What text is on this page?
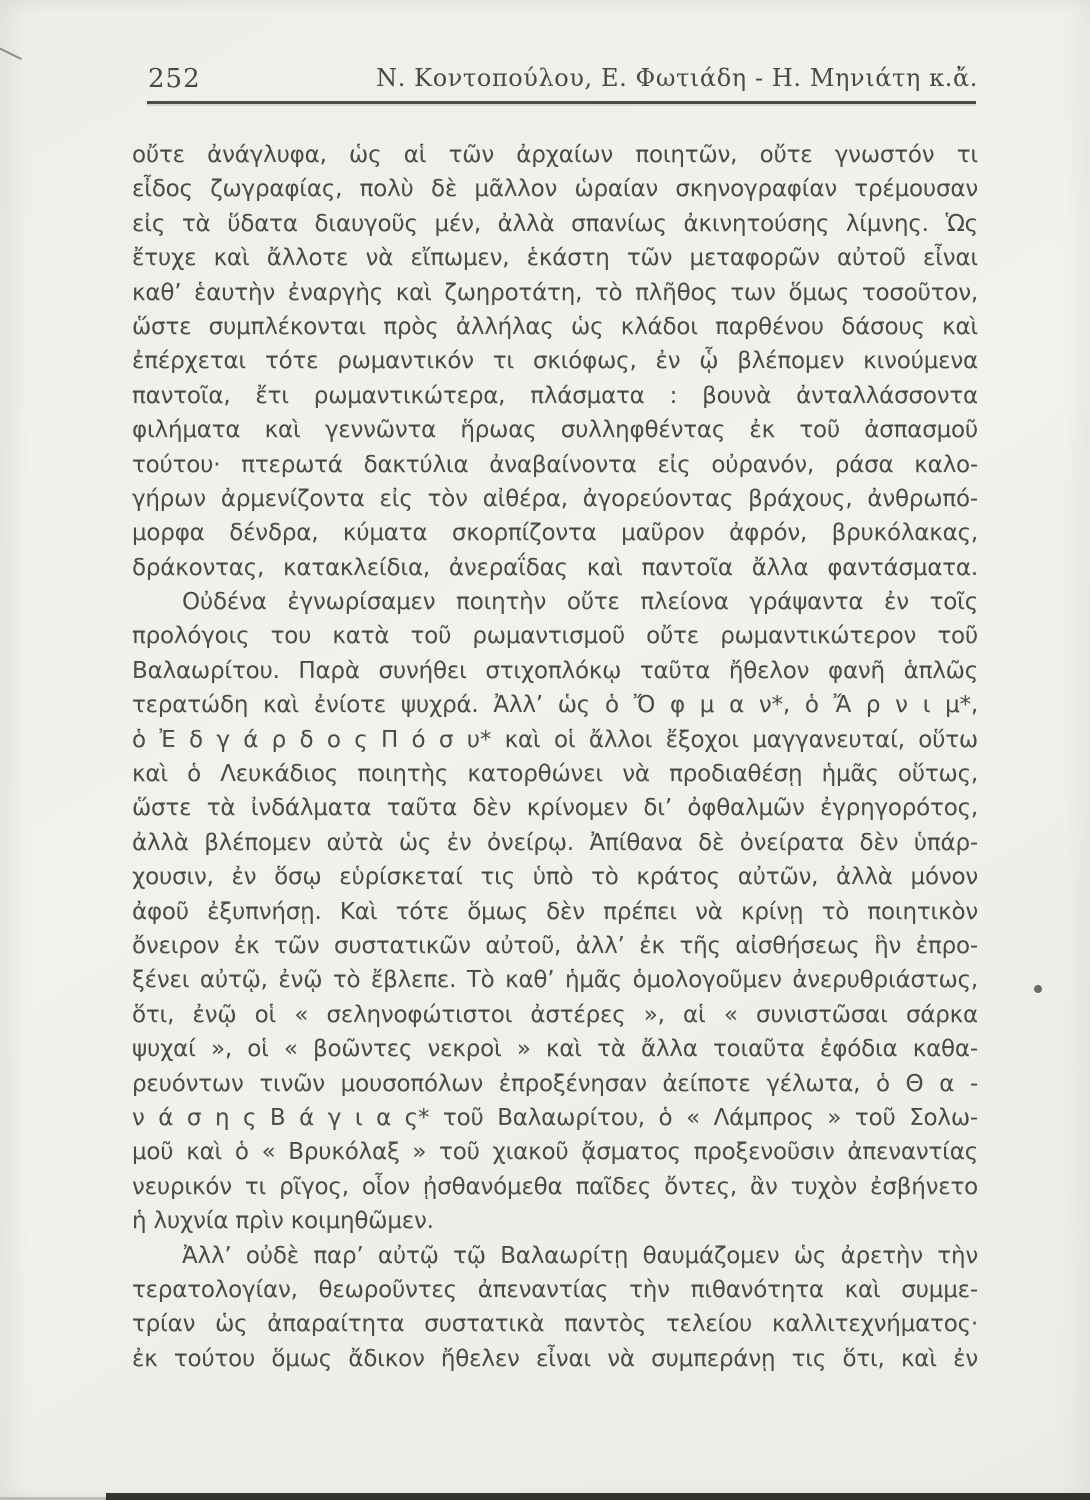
252	Ν. Κοντοπούλου, Ε. Φωτιάδη - Η. Μηνιάτη κ.ἄ.
οὔτε ἀνάγλυφα, ὡς αἱ τῶν ἀρχαίων ποιητῶν, οὔτε γνωστόν τι
εἶδος ζωγραφίας, πολὺ δὲ μᾶλλον ὡραίαν σκηνογραφίαν τρέμουσαν
εἰς τὰ ὕδατα διαυγοῦς μέν, ἀλλὰ σπανίως ἀκινητούσης λίμνης. Ὡς
ἔτυχε καὶ ἄλλοτε νὰ εἴπωμεν, ἑκάστη τῶν μεταφορῶν αὐτοῦ εἶναι
καθ’ ἑαυτὴν ἐναργὴς καὶ ζωηροτάτη, τὸ πλῆθος των ὅμως τοσοῦτον,
ὥστε συμπλέκονται πρὸς ἀλλήλας ὡς κλάδοι παρθένου δάσους καὶ
ἐπέρχεται τότε ρωμαντικόν τι σκιόφως, ἐν ᾧ βλέπομεν κινούμενα
παντοῖα, ἔτι ρωμαντικώτερα, πλάσματα : βουνὰ ἀνταλλάσσοντα
φιλήματα καὶ γεννῶντα ἥρωας συλληφθέντας ἐκ τοῦ ἀσπασμοῦ
τούτου· πτερωτά δακτύλια ἀναβαίνοντα εἰς οὐρανόν, ράσα καλο-
γήρων ἀρμενίζοντα εἰς τὸν αἰθέρα, ἀγορεύοντας βράχους, ἀνθρωπό-
μορφα δένδρα, κύματα σκορπίζοντα μαῦρον ἀφρόν, βρυκόλακας,
δράκοντας, κατακλείδια, ἀνεραΐδας καὶ παντοῖα ἄλλα φαντάσματα.
Οὐδένα ἐγνωρίσαμεν ποιητὴν οὔτε πλείονα γράψαντα ἐν τοῖς
προλόγοις του κατὰ τοῦ ρωμαντισμοῦ οὔτε ρωμαντικώτερον τοῦ
Βαλαωρίτου. Παρὰ συνήθει στιχοπλόκῳ ταῦτα ἤθελον φανῆ ἁπλῶς
τερατώδη καὶ ἐνίοτε ψυχρά. Ἀλλ’ ὡς ὁ Ὄ φ μ α ν*, ὁ Ἄ ρ ν ι μ*,
ὁ Ἐ δ γ ά ρ δ ο ς Π ό σ υ* καὶ οἱ ἄλλοι ἔξοχοι μαγγανευταί, οὕτω
καὶ ὁ Λευκάδιος ποιητὴς κατορθώνει νὰ προδιαθέσῃ ἡμᾶς οὕτως,
ὥστε τὰ ἰνδάλματα ταῦτα δὲν κρίνομεν δι’ ὀφθαλμῶν ἐγρηγορότος,
ἀλλὰ βλέπομεν αὐτὰ ὡς ἐν ὀνείρῳ. Ἀπίθανα δὲ ὀνείρατα δὲν ὑπάρ-
χουσιν, ἐν ὅσῳ εὑρίσκεταί τις ὑπὸ τὸ κράτος αὐτῶν, ἀλλὰ μόνον
ἀφοῦ ἐξυπνήσῃ. Καὶ τότε ὅμως δὲν πρέπει νὰ κρίνῃ τὸ ποιητικὸν
ὄνειρον ἐκ τῶν συστατικῶν αὐτοῦ, ἀλλ’ ἐκ τῆς αἰσθήσεως ἣν ἐπρο-
ξένει αὐτῷ, ἐνῷ τὸ ἔβλεπε. Τὸ καθ’ ἡμᾶς ὁμολογοῦμεν ἀνερυθριάστως,
ὅτι, ἐνῷ οἱ « σεληνοφώτιστοι ἀστέρες », αἱ « συνιστῶσαι σάρκα
ψυχαί », οἱ « βοῶντες νεκροὶ » καὶ τὰ ἄλλα τοιαῦτα ἐφόδια καθα-
ρευόντων τινῶν μουσοπόλων ἐπροξένησαν ἀείποτε γέλωτα, ὁ Θ α -
ν ά σ η ς Β ά γ ι α ς* τοῦ Βαλαωρίτου, ὁ « Λάμπρος » τοῦ Σολω-
μοῦ καὶ ὁ « Βρυκόλαξ » τοῦ χιακοῦ ᾄσματος προξενοῦσιν ἀπεναντίας
νευρικόν τι ρῖγος, οἷον ᾐσθανόμεθα παῖδες ὄντες, ἂν τυχὸν ἐσβήνετο
ἡ λυχνία πρὶν κοιμηθῶμεν.
Ἀλλ’ οὐδὲ παρ’ αὐτῷ τῷ Βαλαωρίτῃ θαυμάζομεν ὡς ἀρετὴν τὴν
τερατολογίαν, θεωροῦντες ἀπεναντίας τὴν πιθανότητα καὶ συμμε-
τρίαν ὡς ἀπαραίτητα συστατικὰ παντὸς τελείου καλλιτεχνήματος·
ἐκ τούτου ὅμως ἄδικον ἤθελεν εἶναι νὰ συμπεράνῃ τις ὅτι, καὶ ἐν
